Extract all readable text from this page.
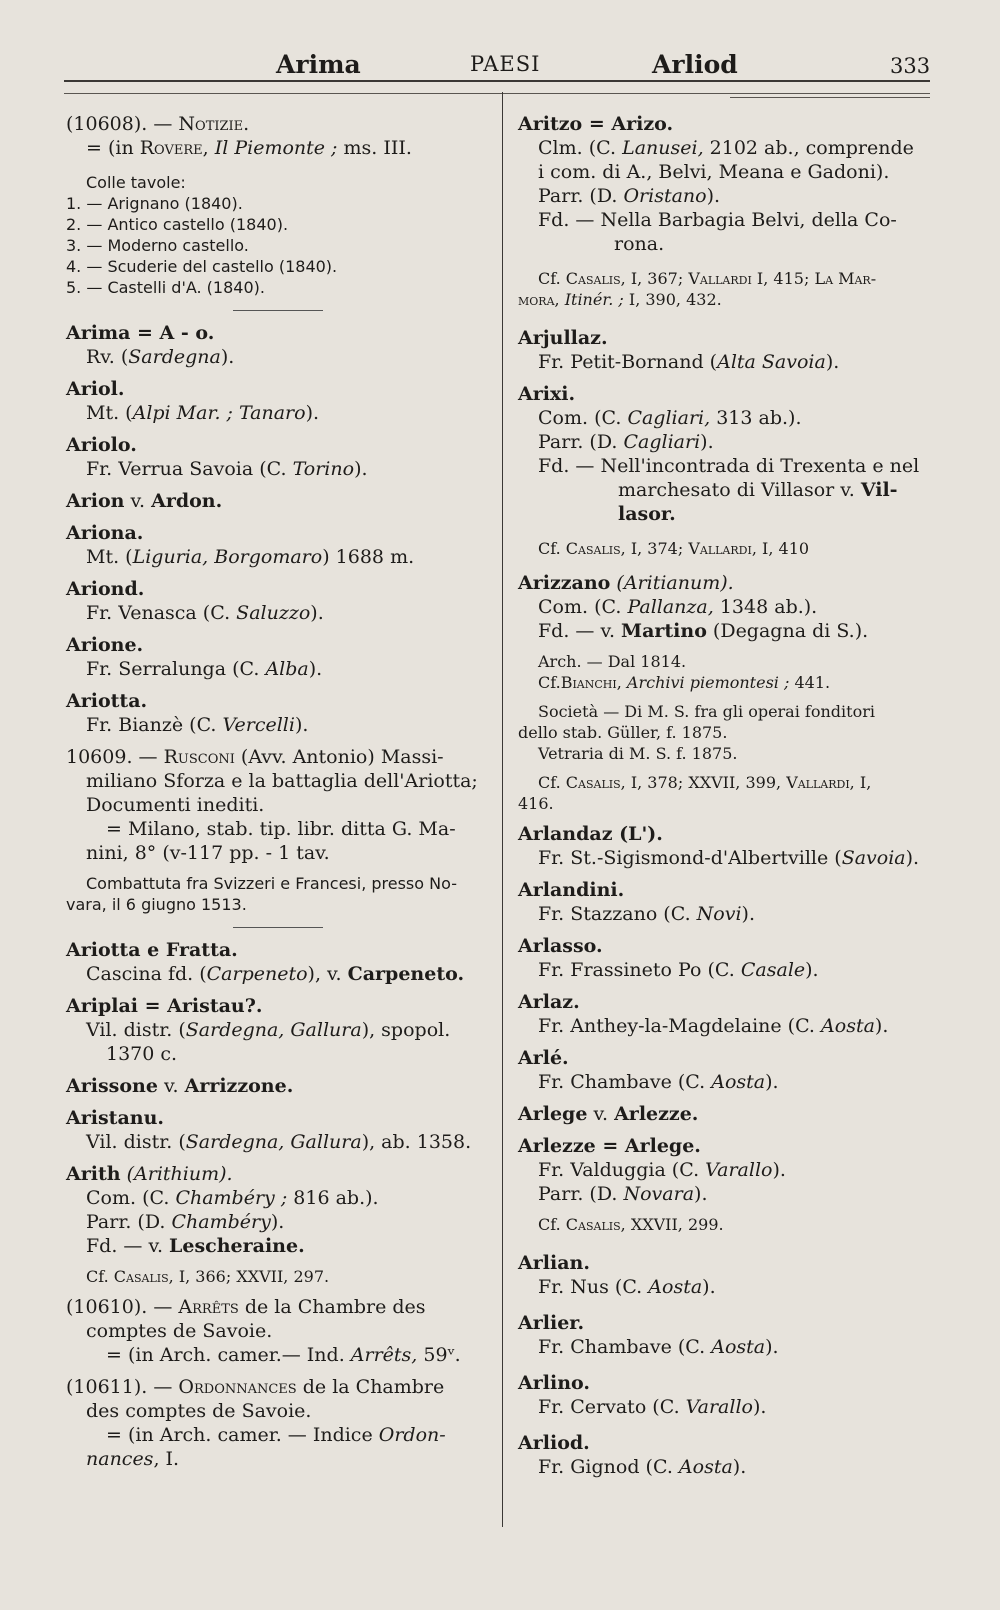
Arima	PAESI	Arliod	333
(10608). — Notizie.
= (in Rovere, Il Piemonte ; ms. III.
Colle tavole:
1. — Arignano (1840).
2. — Antico castello (1840).
3. — Moderno castello.
4. — Scuderie del castello (1840).
5. — Castelli d'A. (1840).
Arima = A - o.
Rv. (Sardegna).
Ariol.
Mt. (Alpi Mar. ; Tanaro).
Ariolo.
Fr. Verrua Savoia (C. Torino).
Arion v. Ardon.
Ariona.
Mt. (Liguria, Borgomaro) 1688 m.
Ariond.
Fr. Venasca (C. Saluzzo).
Arione.
Fr. Serralunga (C. Alba).
Ariotta.
Fr. Bianzè (C. Vercelli).
10609. — Rusconi (Avv. Antonio) Massi-
miliano Sforza e la battaglia dell'Ariotta;
Documenti inediti.
= Milano, stab. tip. libr. ditta G. Ma-
nini, 8° (v-117 pp. - 1 tav.
Combattuta fra Svizzeri e Francesi, presso No-
vara, il 6 giugno 1513.
Ariotta e Fratta.
Cascina fd. (Carpeneto), v. Carpeneto.
Ariplai = Aristau?.
Vil. distr. (Sardegna, Gallura), spopol.
1370 c.
Arissone v. Arrizzone.
Aristanu.
Vil. distr. (Sardegna, Gallura), ab. 1358.
Arith (Arithium).
Com. (C. Chambéry ; 816 ab.).
Parr. (D. Chambéry).
Fd. — v. Lescheraine.
Cf. Casalis, I, 366; XXVII, 297.
(10610). — Arrêts de la Chambre des
comptes de Savoie.
= (in Arch. camer.— Ind. Arrêts, 59ᵛ.
(10611). — Ordonnances de la Chambre
des comptes de Savoie.
= (in Arch. camer. — Indice Ordon-
nances, I.
Aritzo = Arizo.
Clm. (C. Lanusei, 2102 ab., comprende
i com. di A., Belvi, Meana e Gadoni).
Parr. (D. Oristano).
Fd. — Nella Barbagia Belvi, della Co-
rona.
Cf. Casalis, I, 367; Vallardi I, 415; La Mar-
mora, Itinér. ; I, 390, 432.
Arjullaz.
Fr. Petit-Bornand (Alta Savoia).
Arixi.
Com. (C. Cagliari, 313 ab.).
Parr. (D. Cagliari).
Fd. — Nell'incontrada di Trexenta e nel
marchesato di Villasor v. Vil-
lasor.
Cf. Casalis, I, 374; Vallardi, I, 410
Arizzano (Aritianum).
Com. (C. Pallanza, 1348 ab.).
Fd. — v. Martino (Degagna di S.).
Arch. — Dal 1814.
Cf.Bianchi, Archivi piemontesi ; 441.
Società — Di M. S. fra gli operai fonditori
dello stab. Güller, f. 1875.
Vetraria di M. S. f. 1875.
Cf. Casalis, I, 378; XXVII, 399, Vallardi, I,
416.
Arlandaz (L').
Fr. St.-Sigismond-d'Albertville (Savoia).
Arlandini.
Fr. Stazzano (C. Novi).
Arlasso.
Fr. Frassineto Po (C. Casale).
Arlaz.
Fr. Anthey-la-Magdelaine (C. Aosta).
Arlé.
Fr. Chambave (C. Aosta).
Arlege v. Arlezze.
Arlezze = Arlege.
Fr. Valduggia (C. Varallo).
Parr. (D. Novara).
Cf. Casalis, XXVII, 299.
Arlian.
Fr. Nus (C. Aosta).
Arlier.
Fr. Chambave (C. Aosta).
Arlino.
Fr. Cervato (C. Varallo).
Arliod.
Fr. Gignod (C. Aosta).
